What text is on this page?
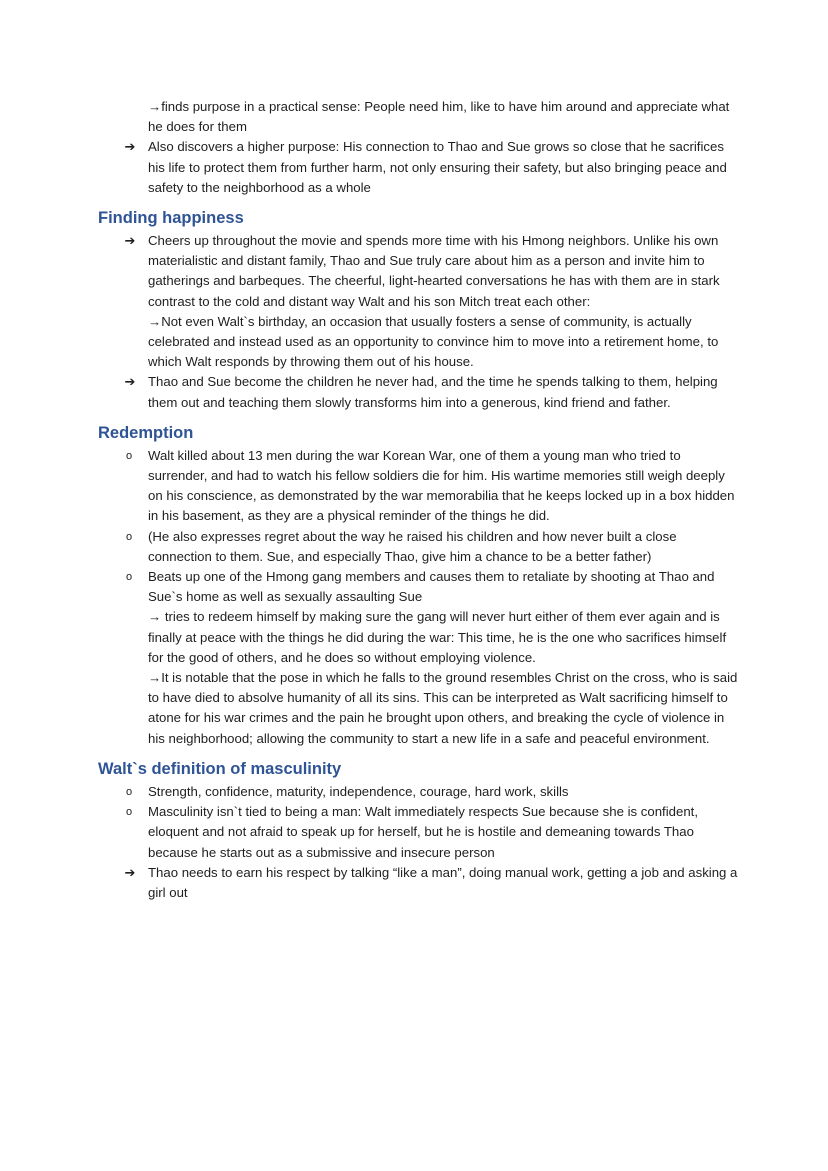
→finds purpose in a practical sense: People need him, like to have him around and appreciate what he does for them

➔ Also discovers a higher purpose: His connection to Thao and Sue grows so close that he sacrifices his life to protect them from further harm, not only ensuring their safety, but also bringing peace and safety to the neighborhood as a whole
Finding happiness
➔ Cheers up throughout the movie and spends more time with his Hmong neighbors. Unlike his own materialistic and distant family, Thao and Sue truly care about him as a person and invite him to gatherings and barbeques. The cheerful, light-hearted conversations he has with them are in stark contrast to the cold and distant way Walt and his son Mitch treat each other:
→Not even Walt`s birthday, an occasion that usually fosters a sense of community, is actually celebrated and instead used as an opportunity to convince him to move into a retirement home, to which Walt responds by throwing them out of his house.
➔ Thao and Sue become the children he never had, and the time he spends talking to them, helping them out and teaching them slowly transforms him into a generous, kind friend and father.
Redemption
o	Walt killed about 13 men during the war Korean War, one of them a young man who tried to surrender, and had to watch his fellow soldiers die for him. His wartime memories still weigh deeply on his conscience, as demonstrated by the war memorabilia that he keeps locked up in a box hidden in his basement, as they are a physical reminder of the things he did.
o	(He also expresses regret about the way he raised his children and how never built a close connection to them. Sue, and especially Thao, give him a chance to be a better father)
o	Beats up one of the Hmong gang members and causes them to retaliate by shooting at Thao and Sue`s home as well as sexually assaulting Sue
→ tries to redeem himself by making sure the gang will never hurt either of them ever again and is finally at peace with the things he did during the war: This time, he is the one who sacrifices himself for the good of others, and he does so without employing violence.
→It is notable that the pose in which he falls to the ground resembles Christ on the cross, who is said to have died to absolve humanity of all its sins. This can be interpreted as Walt sacrificing himself to atone for his war crimes and the pain he brought upon others, and breaking the cycle of violence in his neighborhood; allowing the community to start a new life in a safe and peaceful environment.
Walt`s definition of masculinity
o	Strength, confidence, maturity, independence, courage, hard work, skills
o	Masculinity isn`t tied to being a man: Walt immediately respects Sue because she is confident, eloquent and not afraid to speak up for herself, but he is hostile and demeaning towards Thao because he starts out as a submissive and insecure person
➔ Thao needs to earn his respect by talking “like a man”, doing manual work, getting a job and asking a girl out
